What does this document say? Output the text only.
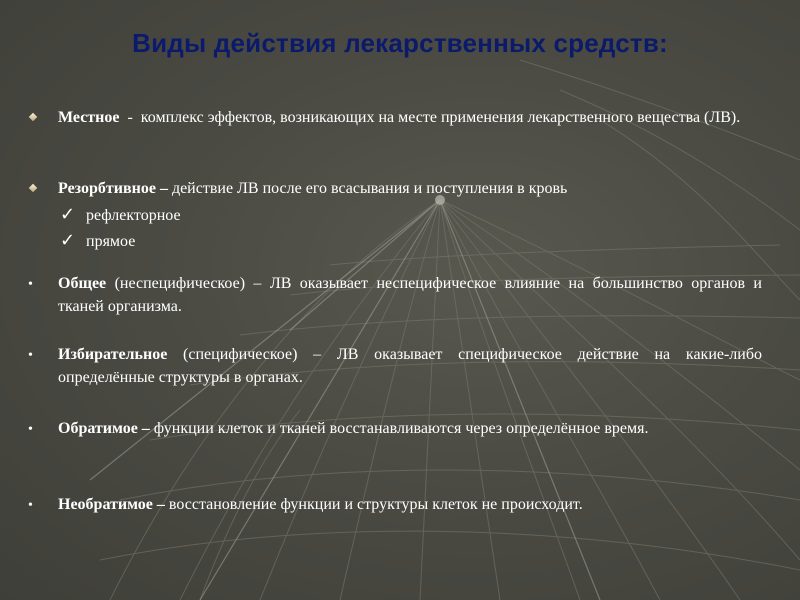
Виды действия лекарственных средств:
Местное  -  комплекс эффектов, возникающих на месте применения лекарственного вещества (ЛВ).
Резорбтивное – действие ЛВ после его всасывания и поступления в кровь
✓ рефлекторное
✓ прямое
• Общее (неспецифическое) – ЛВ оказывает неспецифическое влияние на большинство органов и тканей организма.
• Избирательное (специфическое) – ЛВ оказывает специфическое действие на какие-либо определённые структуры в органах.
• Обратимое – функции клеток и тканей восстанавливаются через определённое время.
• Необратимое – восстановление функции и структуры клеток не происходит.
